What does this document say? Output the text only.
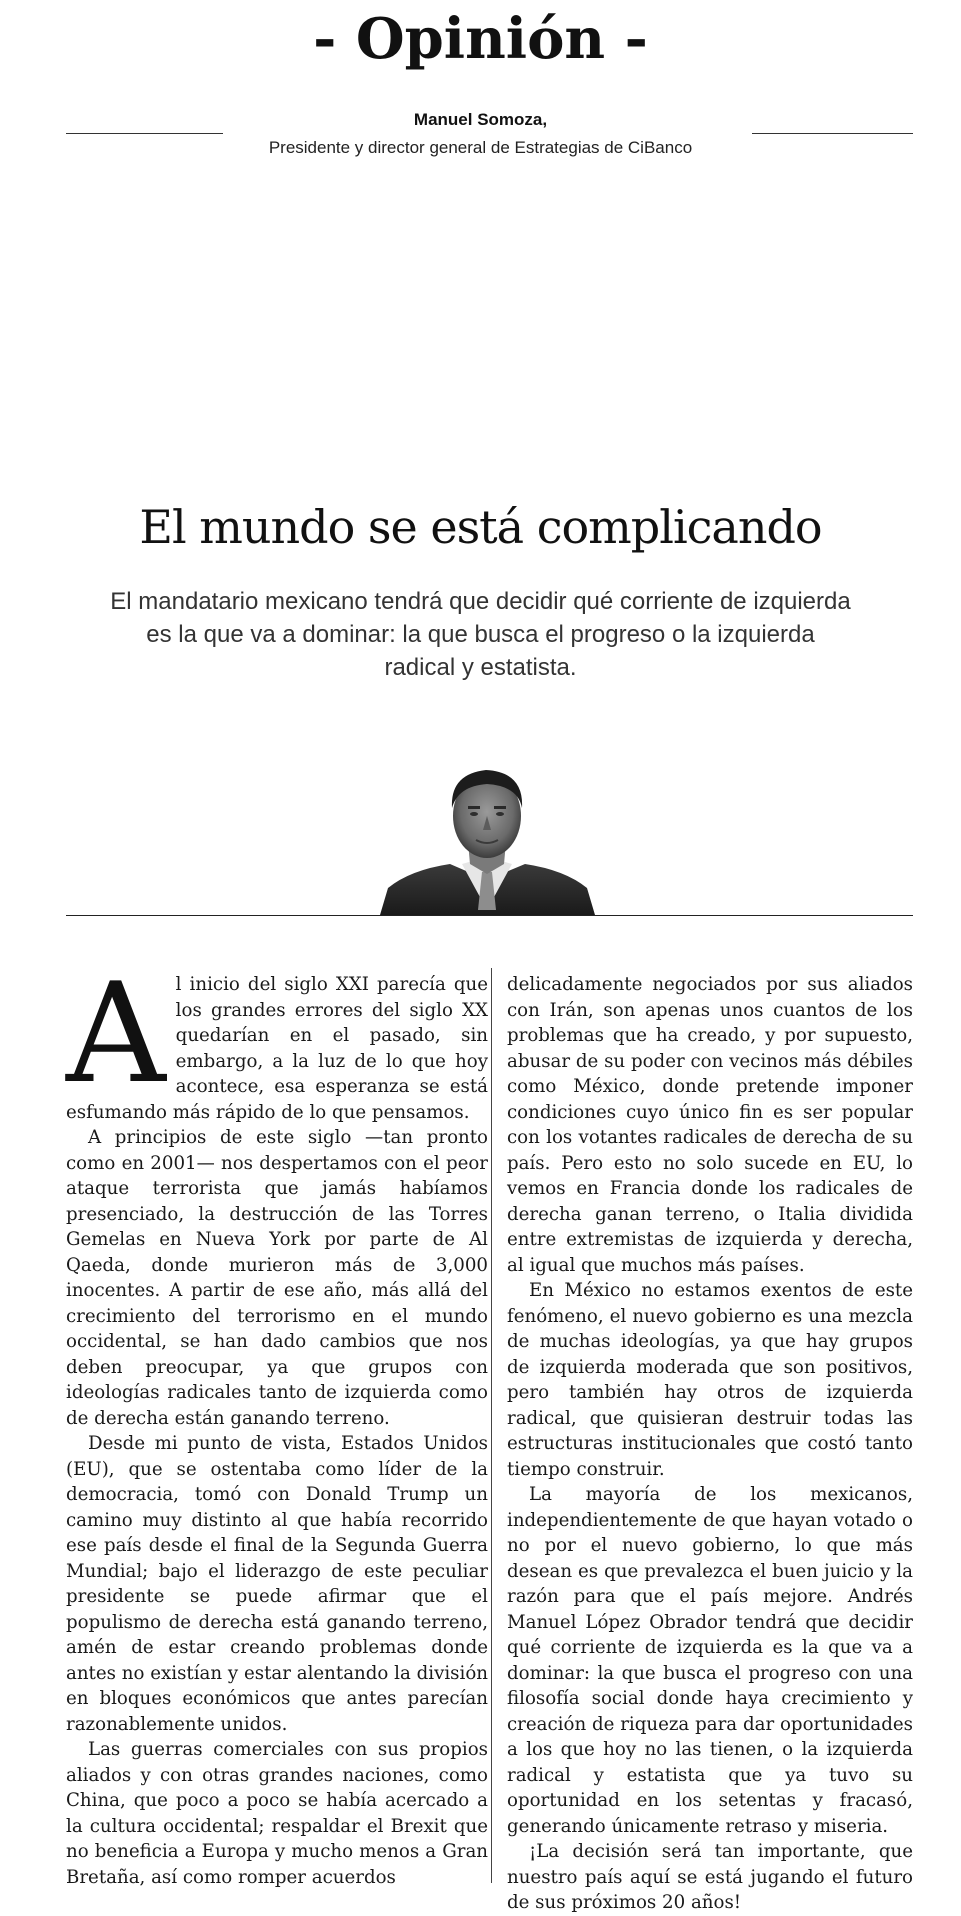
- Opinión -
Manuel Somoza,
Presidente y director general de Estrategias de CiBanco
El mundo se está complicando
El mandatario mexicano tendrá que decidir qué corriente de izquierda es la que va a dominar: la que busca el progreso o la izquierda radical y estatista.

Al inicio del siglo XXI parecía que los grandes errores del siglo XX quedarían en el pasado, sin embargo, a la luz de lo que hoy acontece, esa esperanza se está esfumando más rápido de lo que pensamos.

A principios de este siglo —tan pronto como en 2001— nos despertamos con el peor ataque terrorista que jamás habíamos presenciado, la destrucción de las Torres Gemelas en Nueva York por parte de Al Qaeda, donde murieron más de 3,000 inocentes. A partir de ese año, más allá del crecimiento del terrorismo en el mundo occidental, se han dado cambios que nos deben preocupar, ya que grupos con ideologías radicales tanto de izquierda como de derecha están ganando terreno.

Desde mi punto de vista, Estados Unidos (EU), que se ostentaba como líder de la democracia, tomó con Donald Trump un camino muy distinto al que había recorrido ese país desde el final de la Segunda Guerra Mundial; bajo el liderazgo de este peculiar presidente se puede afirmar que el populismo de derecha está ganando terreno, amén de estar creando problemas donde antes no existían y estar alentando la división en bloques económicos que antes parecían razonablemente unidos.

Las guerras comerciales con sus propios aliados y con otras grandes naciones, como China, que poco a poco se había acercado a la cultura occidental; respaldar el Brexit que no beneficia a Europa y mucho menos a Gran Bretaña, así como romper acuerdos

delicadamente negociados por sus aliados con Irán, son apenas unos cuantos de los problemas que ha creado, y por supuesto, abusar de su poder con vecinos más débiles como México, donde pretende imponer condiciones cuyo único fin es ser popular con los votantes radicales de derecha de su país. Pero esto no solo sucede en EU, lo vemos en Francia donde los radicales de derecha ganan terreno, o Italia dividida entre extremistas de izquierda y derecha, al igual que muchos más países.

En México no estamos exentos de este fenómeno, el nuevo gobierno es una mezcla de muchas ideologías, ya que hay grupos de izquierda moderada que son positivos, pero también hay otros de izquierda radical, que quisieran destruir todas las estructuras institucionales que costó tanto tiempo construir.

La mayoría de los mexicanos, independientemente de que hayan votado o no por el nuevo gobierno, lo que más desean es que prevalezca el buen juicio y la razón para que el país mejore. Andrés Manuel López Obrador tendrá que decidir qué corriente de izquierda es la que va a dominar: la que busca el progreso con una filosofía social donde haya crecimiento y creación de riqueza para dar oportunidades a los que hoy no las tienen, o la izquierda radical y estatista que ya tuvo su oportunidad en los setentas y fracasó, generando únicamente retraso y miseria.

¡La decisión será tan importante, que nuestro país aquí se está jugando el futuro de sus próximos 20 años!
